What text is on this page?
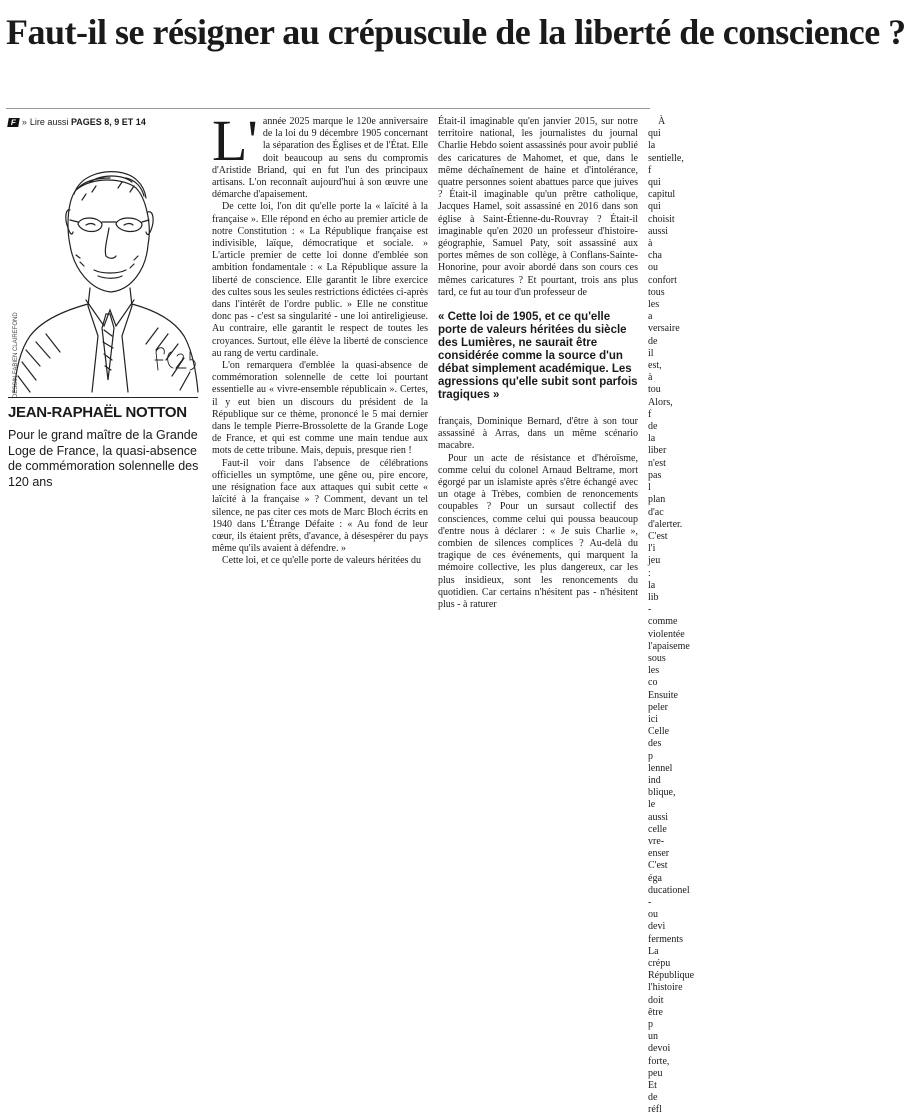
Faut-il se résigner au crépuscule de la liberté de conscience ?
F » Lire aussi PAGES 8, 9 ET 14
DESSIN FABIEN CLAIREFOND
JEAN-RAPHAËL NOTTON
Pour le grand maître de la Grande Loge de France, la quasi-absence de commémoration solennelle des 120 ans
L' année 2025 marque le 120e anniversaire de la loi du 9 décembre 1905 concernant la séparation des Églises et de l'État. Elle doit beaucoup au sens du compromis d'Aristide Briand, qui en fut l'un des principaux artisans. L'on reconnaît aujourd'hui à son œuvre une démarche d'apaisement.

De cette loi, l'on dit qu'elle porte la « laïcité à la française ». Elle répond en écho au premier article de notre Constitution : « La République française est indivisible, laïque, démocratique et sociale. » L'article premier de cette loi donne d'emblée son ambition fondamentale : « La République assure la liberté de conscience. Elle garantit le libre exercice des cultes sous les seules restrictions édictées ci-après dans l'intérêt de l'ordre public. » Elle ne constitue donc pas - c'est sa singularité - une loi antireligieuse. Au contraire, elle garantit le respect de toutes les croyances. Surtout, elle élève la liberté de conscience au rang de vertu cardinale.

L'on remarquera d'emblée la quasi-absence de commémoration solennelle de cette loi pourtant essentielle au « vivre-ensemble républicain ». Certes, il y eut bien un discours du président de la République sur ce thème, prononcé le 5 mai dernier dans le temple Pierre-Brossolette de la Grande Loge de France, et qui est comme une main tendue aux mots de cette tribune. Mais, depuis, presque rien !

Faut-il voir dans l'absence de célébrations officielles un symptôme, une gêne ou, pire encore, une résignation face aux attaques qui subit cette « laïcité à la française » ? Comment, devant un tel silence, ne pas citer ces mots de Marc Bloch écrits en 1940 dans L'Étrange Défaite : « Au fond de leur cœur, ils étaient prêts, d'avance, à désespérer du pays même qu'ils avaient à défendre. »

Cette loi, et ce qu'elle porte de valeurs héritées du

Était-il imaginable qu'en janvier 2015, sur notre territoire national, les journalistes du journal Charlie Hebdo soient assassinés pour avoir publié des caricatures de Mahomet, et que, dans le même déchaînement de haine et d'intolérance, quatre personnes soient abattues parce que juives ? Était-il imaginable qu'un prêtre catholique, Jacques Hamel, soit assassiné en 2016 dans son église à Saint-Étienne-du-Rouvray ? Était-il imaginable qu'en 2020 un professeur d'histoire-géographie, Samuel Paty, soit assassiné aux portes mêmes de son collège, à Conflans-Sainte-Honorine, pour avoir abordé dans son cours ces mêmes caricatures ? Et pourtant, trois ans plus tard, ce fut au tour d'un professeur de

« Cette loi de 1905, et ce qu'elle porte de valeurs héritées du siècle des Lumières, ne saurait être considérée comme la source d'un débat simplement académique. Les agressions qu'elle subit sont parfois tragiques »

français, Dominique Bernard, d'être à son tour assassiné à Arras, dans un même scénario macabre.

Pour un acte de résistance et d'héroïsme, comme celui du colonel Arnaud Beltrame, mort égorgé par un islamiste après s'être échangé avec un otage à Trèbes, combien de renoncements coupables ? Pour un sursaut collectif des consciences, comme celui qui poussa beaucoup d'entre nous à déclarer : « Je suis Charlie », combien de silences complices ? Au-delà du tragique de ces événements, qui marquent la mémoire collective, les plus dangereux, car les plus insidieux, sont les renoncements du quotidien. Car certains n'hésitent pas - n'hésitent plus - à raturer

À qui la sentielle, f qui capitul qui choisit aussi à cha ou confort tous les a versaire de il est, à tou Alors, f de la liber n'est pas l plan d'ac d'alerter. C'est l'i jeu : la lib - comme violentée l'apaiseme sous les co Ensuite peler ici Celle des p lennel ind blique, le aussi celle vre-enser C'est éga ducationel - ou devi ferments La crépu République l'histoire doit être p un devoi forte, peu Et de réfl
